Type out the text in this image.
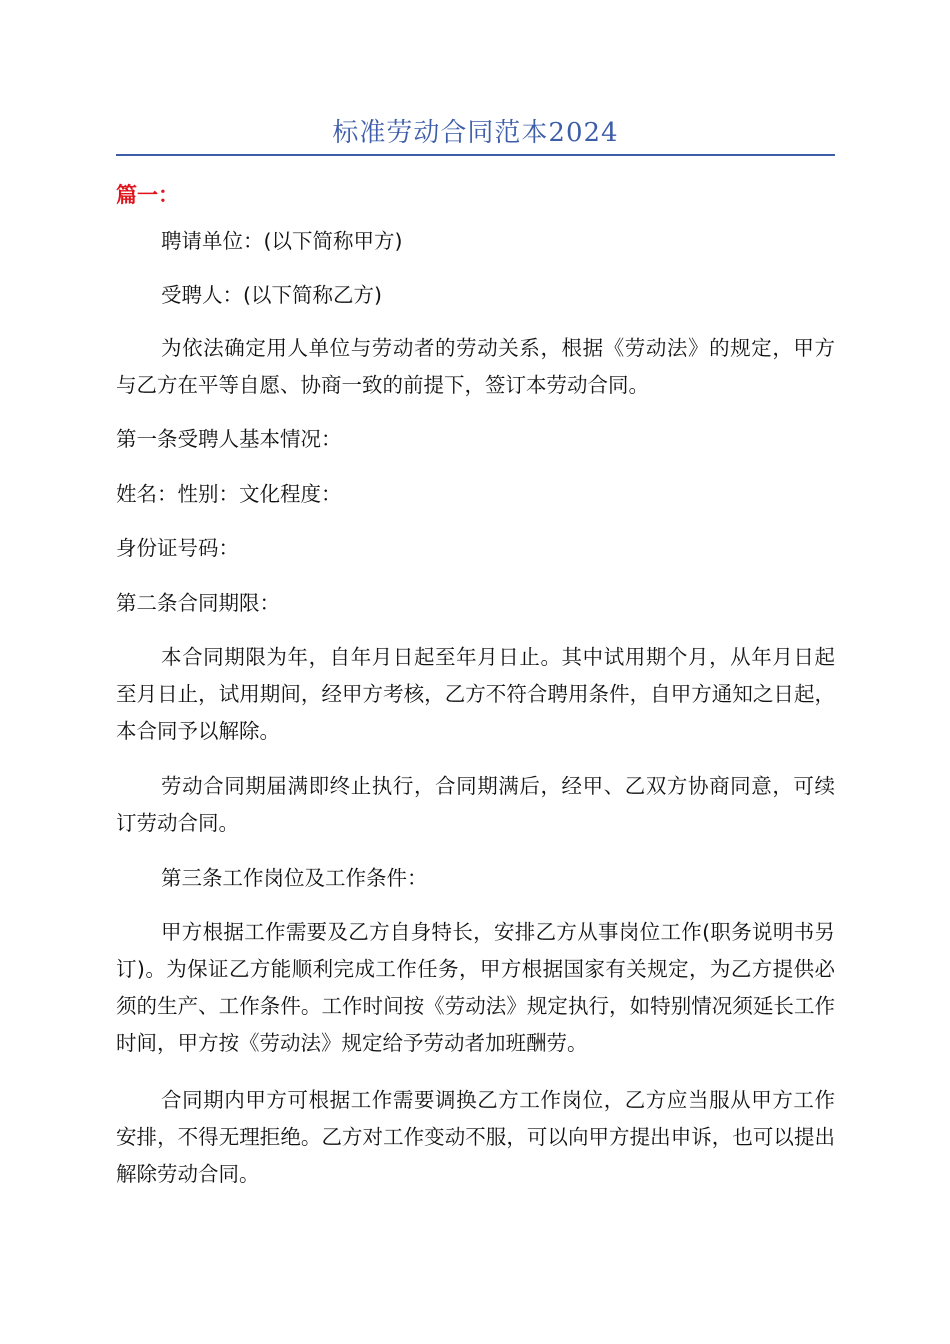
标准劳动合同范本2024
篇一：

聘请单位：(以下简称甲方)

受聘人：(以下简称乙方)

为依法确定用人单位与劳动者的劳动关系，根据《劳动法》的规定，甲方与乙方在平等自愿、协商一致的前提下，签订本劳动合同。

第一条受聘人基本情况：

姓名：性别：文化程度：

身份证号码：

第二条合同期限：

本合同期限为年，自年月日起至年月日止。其中试用期个月，从年月日起至月日止，试用期间，经甲方考核，乙方不符合聘用条件，自甲方通知之日起，本合同予以解除。

劳动合同期届满即终止执行，合同期满后，经甲、乙双方协商同意，可续订劳动合同。

第三条工作岗位及工作条件：

甲方根据工作需要及乙方自身特长，安排乙方从事岗位工作(职务说明书另订)。为保证乙方能顺利完成工作任务，甲方根据国家有关规定，为乙方提供必须的生产、工作条件。工作时间按《劳动法》规定执行，如特别情况须延长工作时间，甲方按《劳动法》规定给予劳动者加班酬劳。

合同期内甲方可根据工作需要调换乙方工作岗位，乙方应当服从甲方工作安排，不得无理拒绝。乙方对工作变动不服，可以向甲方提出申诉，也可以提出解除劳动合同。
